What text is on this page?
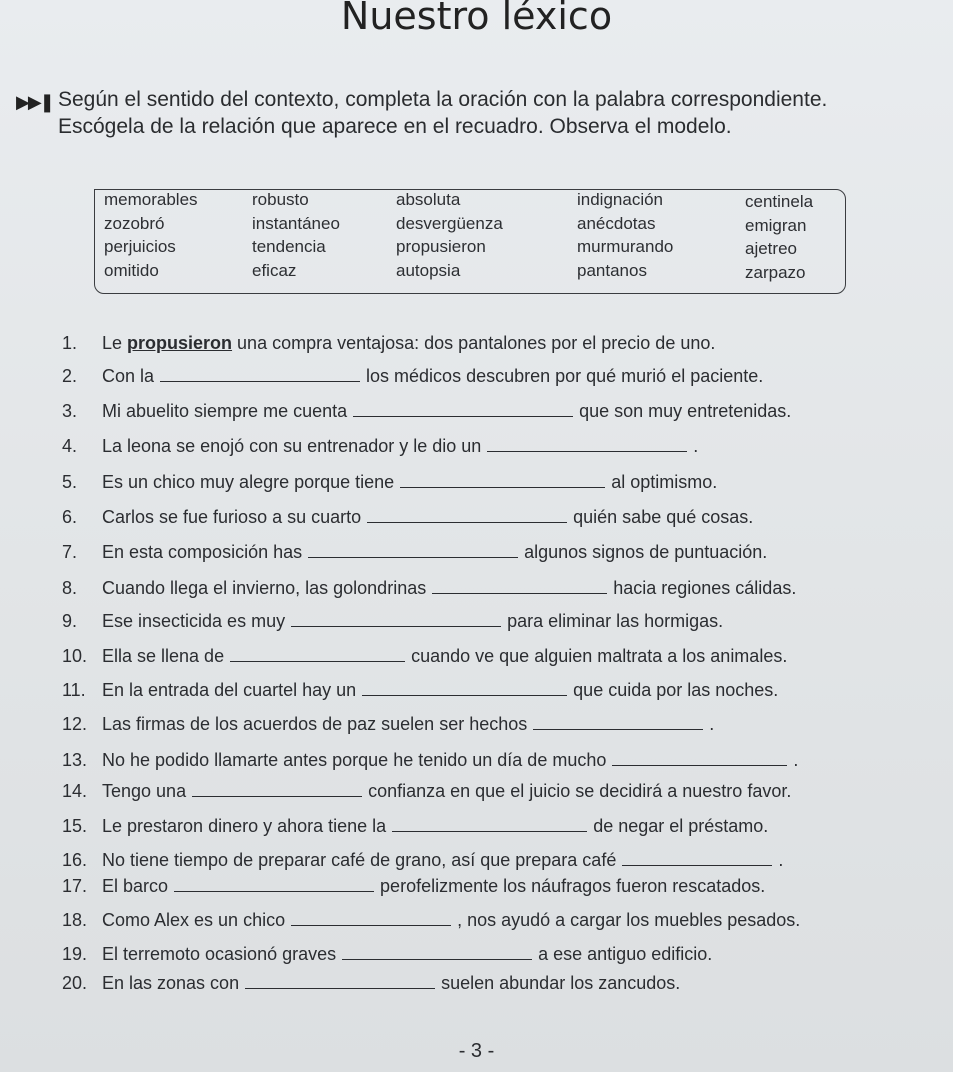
Nuestro léxico
▶▶❚ Según el sentido del contexto, completa la oración con la palabra correspondiente. Escógela de la relación que aparece en el recuadro. Observa el modelo.
memorables	robusto	absoluta	indignación	centinela
zozobró	instantáneo	desvergüenza	anécdotas	emigran
perjuicios	tendencia	propusieron	murmurando	ajetreo
omitido	eficaz	autopsia	pantanos	zarpazo
1. Le propusieron una compra ventajosa: dos pantalones por el precio de uno.
2. Con la	los médicos descubren por qué murió el paciente.
3. Mi abuelito siempre me cuenta	que son muy entretenidas.
4. La leona se enojó con su entrenador y le dio un	.
5. Es un chico muy alegre porque tiene	al optimismo.
6. Carlos se fue furioso a su cuarto	quién sabe qué cosas.
7. En esta composición has	algunos signos de puntuación.
8. Cuando llega el invierno, las golondrinas	hacia regiones cálidas.
9. Ese insecticida es muy	para eliminar las hormigas.
10. Ella se llena de	cuando ve que alguien maltrata a los animales.
11. En la entrada del cuartel hay un	que cuida por las noches.
12. Las firmas de los acuerdos de paz suelen ser hechos	.
13. No he podido llamarte antes porque he tenido un día de mucho	.
14. Tengo una	confianza en que el juicio se decidirá a nuestro favor.
15. Le prestaron dinero y ahora tiene la	de negar el préstamo.
16. No tiene tiempo de preparar café de grano, así que prepara café	.
17. El barco	perofelizmente los náufragos fueron rescatados.
18. Como Alex es un chico	, nos ayudó a cargar los muebles pesados.
19. El terremoto ocasionó graves	a ese antiguo edificio.
20. En las zonas con	suelen abundar los zancudos.
- 3 -
